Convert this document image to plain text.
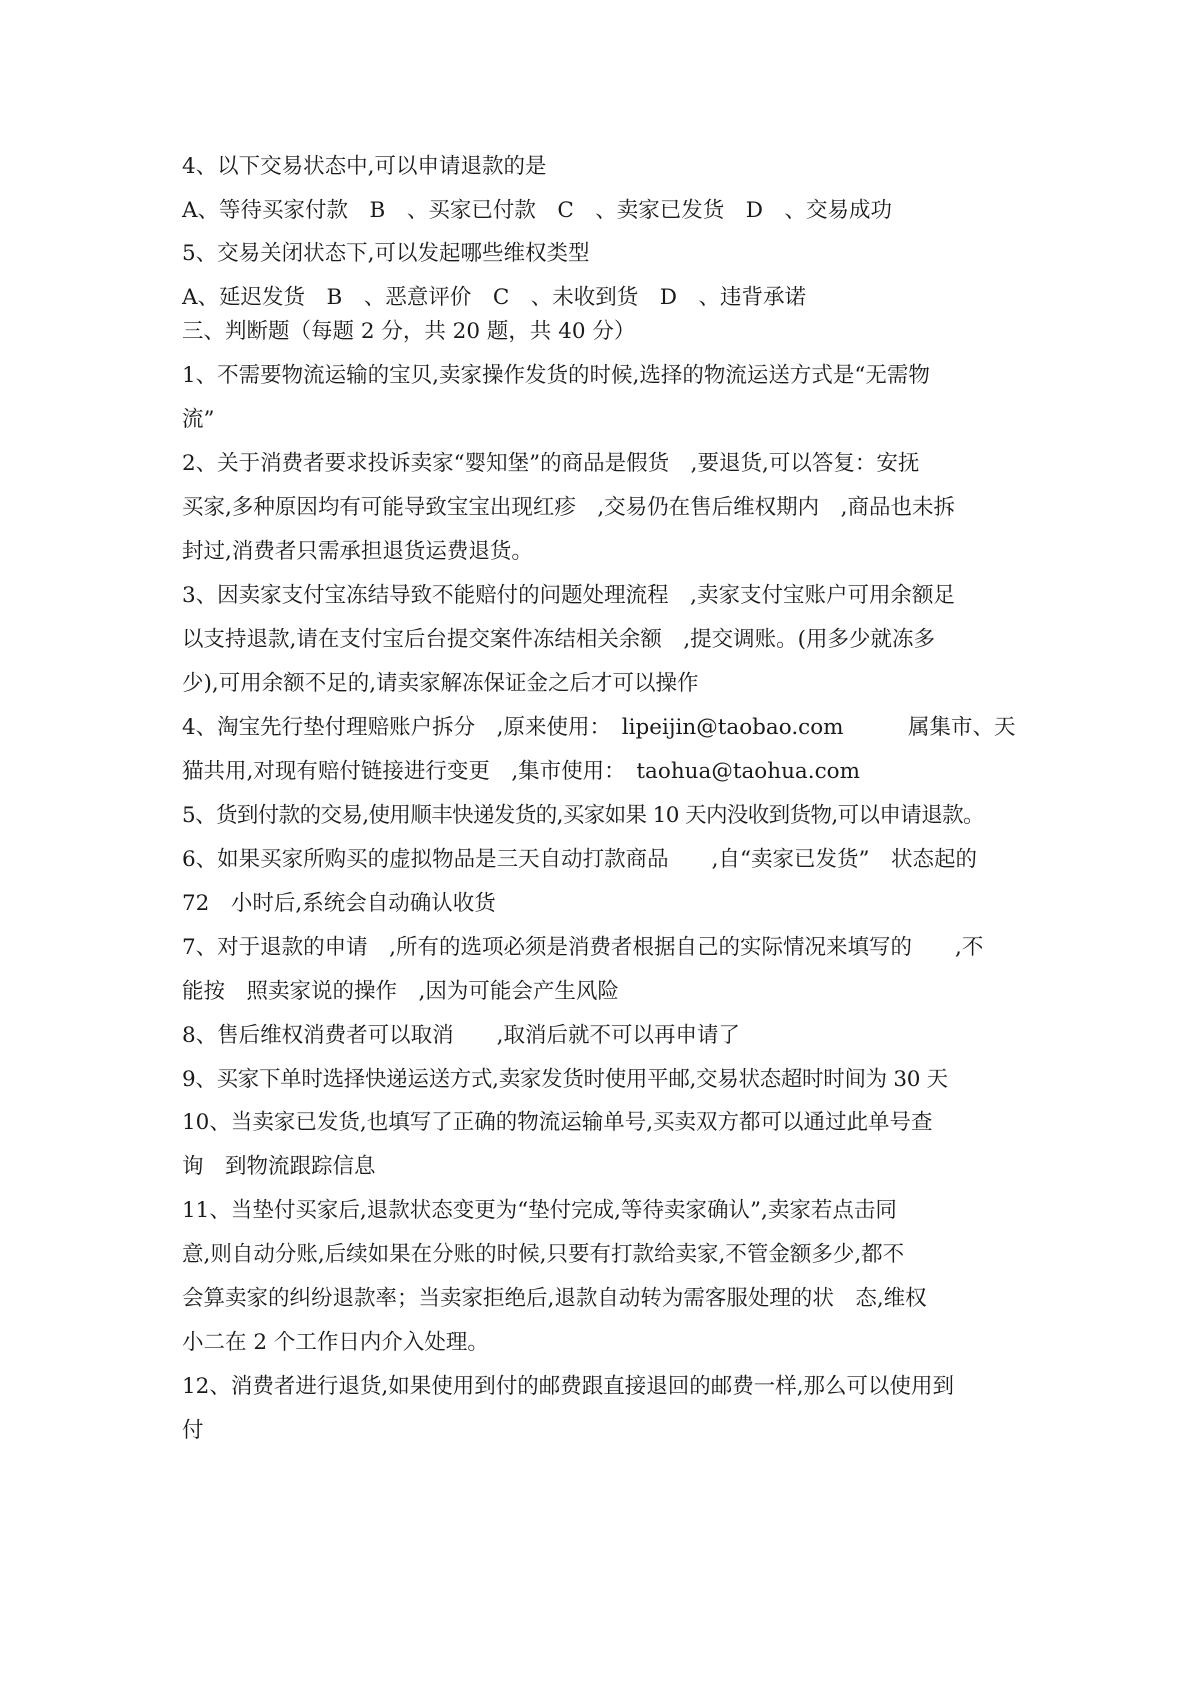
4、以下交易状态中,可以申请退款的是

A、等待买家付款　B　、买家已付款　C　、卖家已发货　D　、交易成功

5、交易关闭状态下,可以发起哪些维权类型

A、延迟发货　B　、恶意评价　C　、未收到货　D　、违背承诺

三、判断题（每题 2 分，共 20 题，共 40 分）

1、不需要物流运输的宝贝,卖家操作发货的时候,选择的物流运送方式是“无需物

流”

2、关于消费者要求投诉卖家“婴知堡”的商品是假货　,要退货,可以答复：安抚

买家,多种原因均有可能导致宝宝出现红疹　,交易仍在售后维权期内　,商品也未拆

封过,消费者只需承担退货运费退货。

3、因卖家支付宝冻结导致不能赔付的问题处理流程　,卖家支付宝账户可用余额足

以支持退款,请在支付宝后台提交案件冻结相关余额　,提交调账。(用多少就冻多

少),可用余额不足的,请卖家解冻保证金之后才可以操作

4、淘宝先行垫付理赔账户拆分　,原来使用：　lipeijin@taobao.com　　　属集市、天

猫共用,对现有赔付链接进行变更　,集市使用：　taohua@taohua.com

5、货到付款的交易,使用顺丰快递发货的,买家如果 10 天内没收到货物,可以申请退款。

6、如果买家所购买的虚拟物品是三天自动打款商品　　,自“卖家已发货”　状态起的

72　小时后,系统会自动确认收货

7、对于退款的申请　,所有的选项必须是消费者根据自己的实际情况来填写的　　,不

能按　照卖家说的操作　,因为可能会产生风险

8、售后维权消费者可以取消　　,取消后就不可以再申请了

9、买家下单时选择快递运送方式,卖家发货时使用平邮,交易状态超时时间为 30 天

10、当卖家已发货,也填写了正确的物流运输单号,买卖双方都可以通过此单号查

询　到物流跟踪信息

11、当垫付买家后,退款状态变更为“垫付完成,等待卖家确认”,卖家若点击同

意,则自动分账,后续如果在分账的时候,只要有打款给卖家,不管金额多少,都不

会算卖家的纠纷退款率；当卖家拒绝后,退款自动转为需客服处理的状　态,维权

小二在 2 个工作日内介入处理。

12、消费者进行退货,如果使用到付的邮费跟直接退回的邮费一样,那么可以使用到

付
